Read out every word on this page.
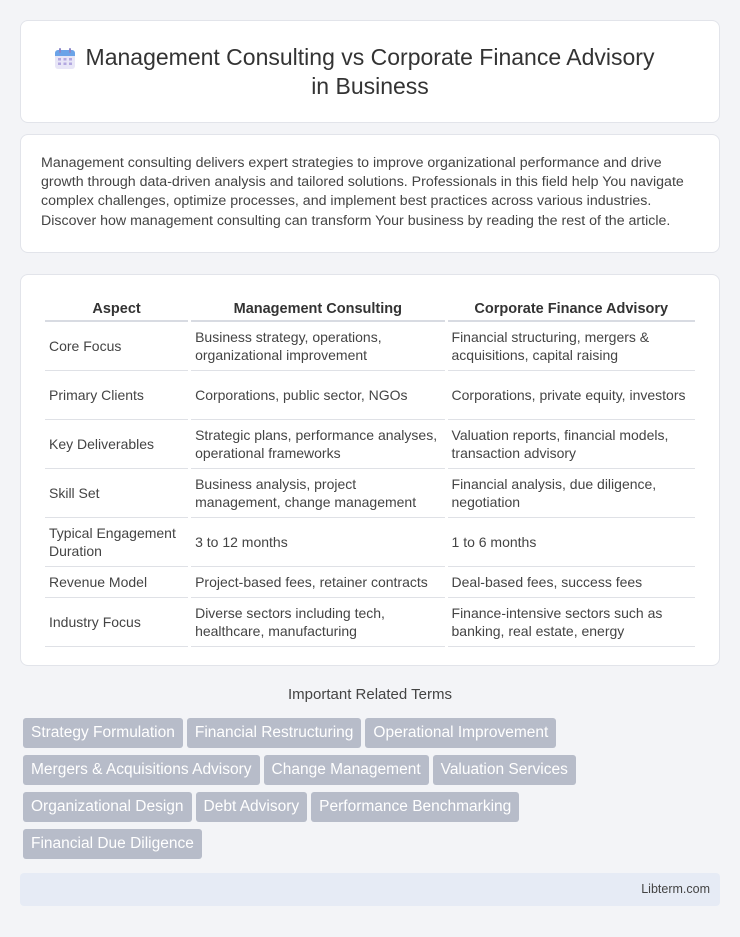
Management Consulting vs Corporate Finance Advisory
in Business

Management consulting delivers expert strategies to improve organizational performance and drive growth through data-driven analysis and tailored solutions. Professionals in this field help You navigate complex challenges, optimize processes, and implement best practices across various industries. Discover how management consulting can transform Your business by reading the rest of the article.

Aspect	Management Consulting	Corporate Finance Advisory
Core Focus	Business strategy, operations, organizational improvement	Financial structuring, mergers & acquisitions, capital raising
Primary Clients	Corporations, public sector, NGOs	Corporations, private equity, investors
Key Deliverables	Strategic plans, performance analyses, operational frameworks	Valuation reports, financial models, transaction advisory
Skill Set	Business analysis, project management, change management	Financial analysis, due diligence, negotiation
Typical Engagement Duration	3 to 12 months	1 to 6 months
Revenue Model	Project-based fees, retainer contracts	Deal-based fees, success fees
Industry Focus	Diverse sectors including tech, healthcare, manufacturing	Finance-intensive sectors such as banking, real estate, energy
Important Related Terms
Strategy Formulation Financial Restructuring Operational Improvement
Mergers & Acquisitions Advisory Change Management Valuation Services
Organizational Design Debt Advisory Performance Benchmarking
Financial Due Diligence
Libterm.com
